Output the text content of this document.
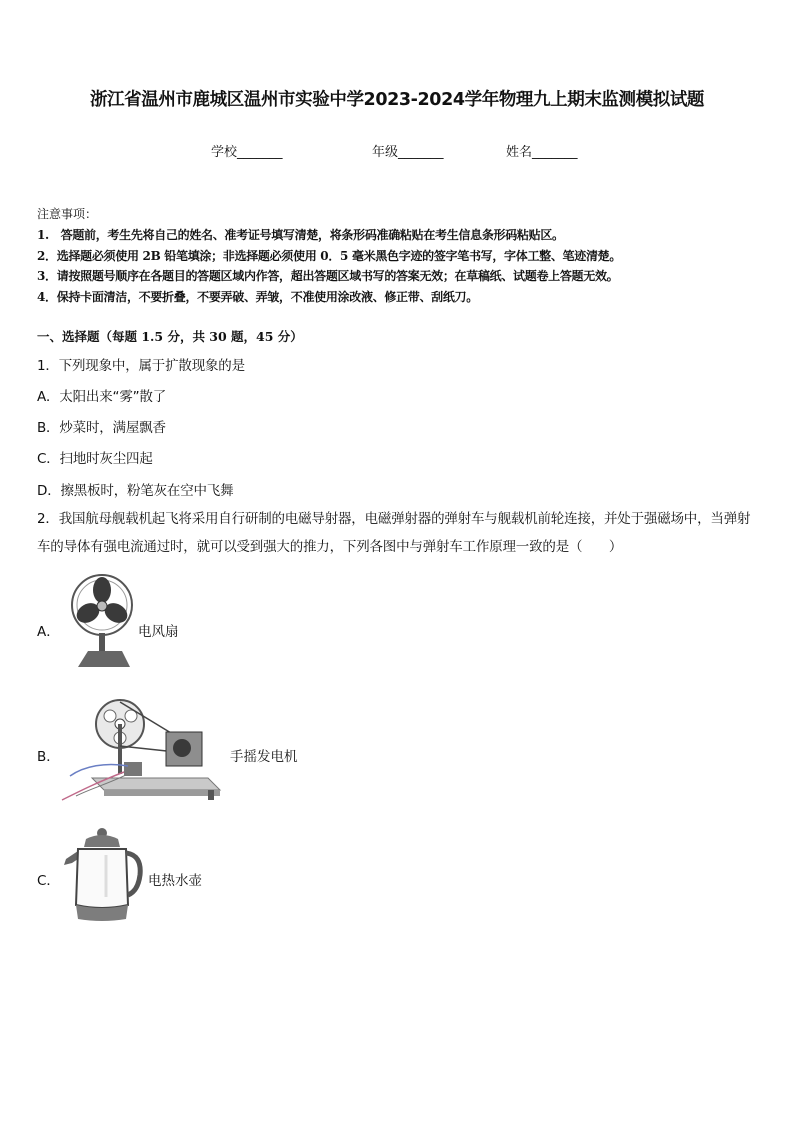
浙江省温州市鹿城区温州市实验中学2023-2024学年物理九上期末监测模拟试题
学校_______	年级_______	姓名_______
注意事项：
1.　答题前，考生先将自己的姓名、准考证号填写清楚，将条形码准确粘贴在考生信息条形码粘贴区。
2．选择题必须使用 2B 铅笔填涂；非选择题必须使用 0．5 毫米黑色字迹的签字笔书写，字体工整、笔迹清楚。
3．请按照题号顺序在各题目的答题区域内作答，超出答题区域书写的答案无效；在草稿纸、试题卷上答题无效。
4．保持卡面清洁，不要折叠，不要弄破、弄皱，不准使用涂改液、修正带、刮纸刀。
一、选择题（每题 1.5 分，共 30 题，45 分）
1．下列现象中，属于扩散现象的是
A．太阳出来“雾”散了
B．炒菜时，满屋飘香
C．扫地时灰尘四起
D．擦黑板时，粉笔灰在空中飞舞
2．我国航母舰载机起飞将采用自行研制的电磁导射器，电磁弹射器的弹射车与舰载机前轮连接，并处于强磁场中，当弹射车的导体有强电流通过时，就可以受到强大的推力，下列各图中与弹射车工作原理一致的是（　　）
A．	电风扇
B．	手摇发电机
C．	电热水壶
